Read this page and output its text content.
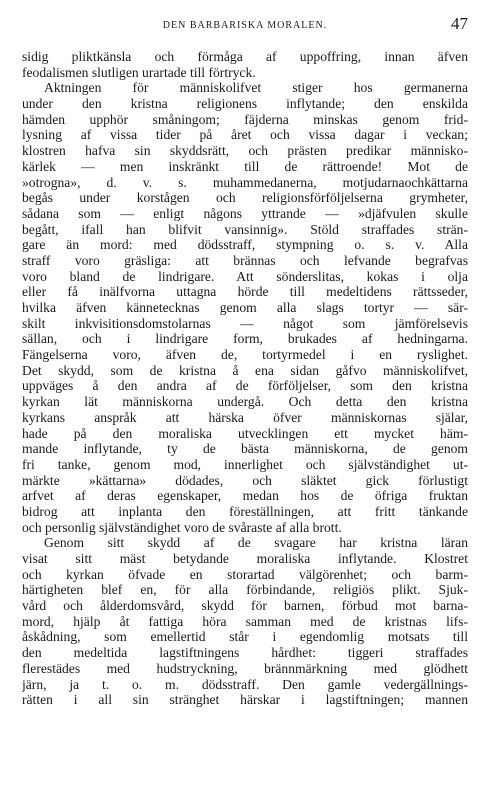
DEN BARBARISKA MORALEN.	47
sidig pliktkänsla och förmåga af uppoffring, innan äfven
feodalismen slutligen urartade till förtryck.
Aktningen för människolifvet stiger hos germanerna
under den kristna religionens inflytande; den enskilda
hämden upphör småningom; fäjderna minskas genom frid-
lysning af vissa tider på året och vissa dagar i veckan;
klostren hafva sin skyddsrätt, och prästen predikar människo-
kärlek — men inskränkt till de rättroende! Mot de
»otrogna», d. v. s. muhammedanerna, motjudarnaochkättarna
begås under korstågen och religionsförföljelserna grymheter,
sådana som — enligt någons yttrande — »djäfvulen skulle
begått, ifall han blifvit vansinnig». Stöld straffades strän-
gare än mord: med dödsstraff, stympning o. s. v. Alla
straff voro gräsliga: att brännas och lefvande begrafvas
voro bland de lindrigare. Att sönderslitas, kokas i olja
eller få inälfvorna uttagna hörde till medeltidens rättsseder,
hvilka äfven kännetecknas genom alla slags tortyr — sär-
skilt inkvisitionsdomstolarnas — något som jämförelsevis
sällan, och i lindrigare form, brukades af hedningarna.
Fängelserna voro, äfven de, tortyrmedel i en ryslighet.
Det skydd, som de kristna å ena sidan gåfvo människolifvet,
uppväges å den andra af de förföljelser, som den kristna
kyrkan lät människorna undergå. Och detta den kristna
kyrkans anspråk att härska öfver människornas själar,
hade på den moraliska utvecklingen ett mycket häm-
mande inflytande, ty de bästa människorna, de genom
fri tanke, genom mod, innerlighet och självständighet ut-
märkte »kättarna» dödades, och släktet gick förlustigt
arfvet af deras egenskaper, medan hos de öfriga fruktan
bidrog att inplanta den föreställningen, att fritt tänkande
och personlig självständighet voro de svåraste af alla brott.
Genom sitt skydd af de svagare har kristna läran
visat sitt mäst betydande moraliska inflytande. Klostret
och kyrkan öfvade en storartad välgörenhet; och barm-
härtigheten blef en, för alla förbindande, religiös plikt. Sjuk-
vård och ålderdomsvård, skydd för barnen, förbud mot barna-
mord, hjälp åt fattiga höra samman med de kristnas lifs-
åskådning, som emellertid står i egendomlig motsats till
den medeltida lagstiftningens hårdhet: tiggeri straffades
flerestädes med hudstryckning, brännmärkning med glödhett
järn, ja t. o. m. dödsstraff. Den gamle vedergällnings-
rätten i all sin stränghet härskar i lagstiftningen; mannen
